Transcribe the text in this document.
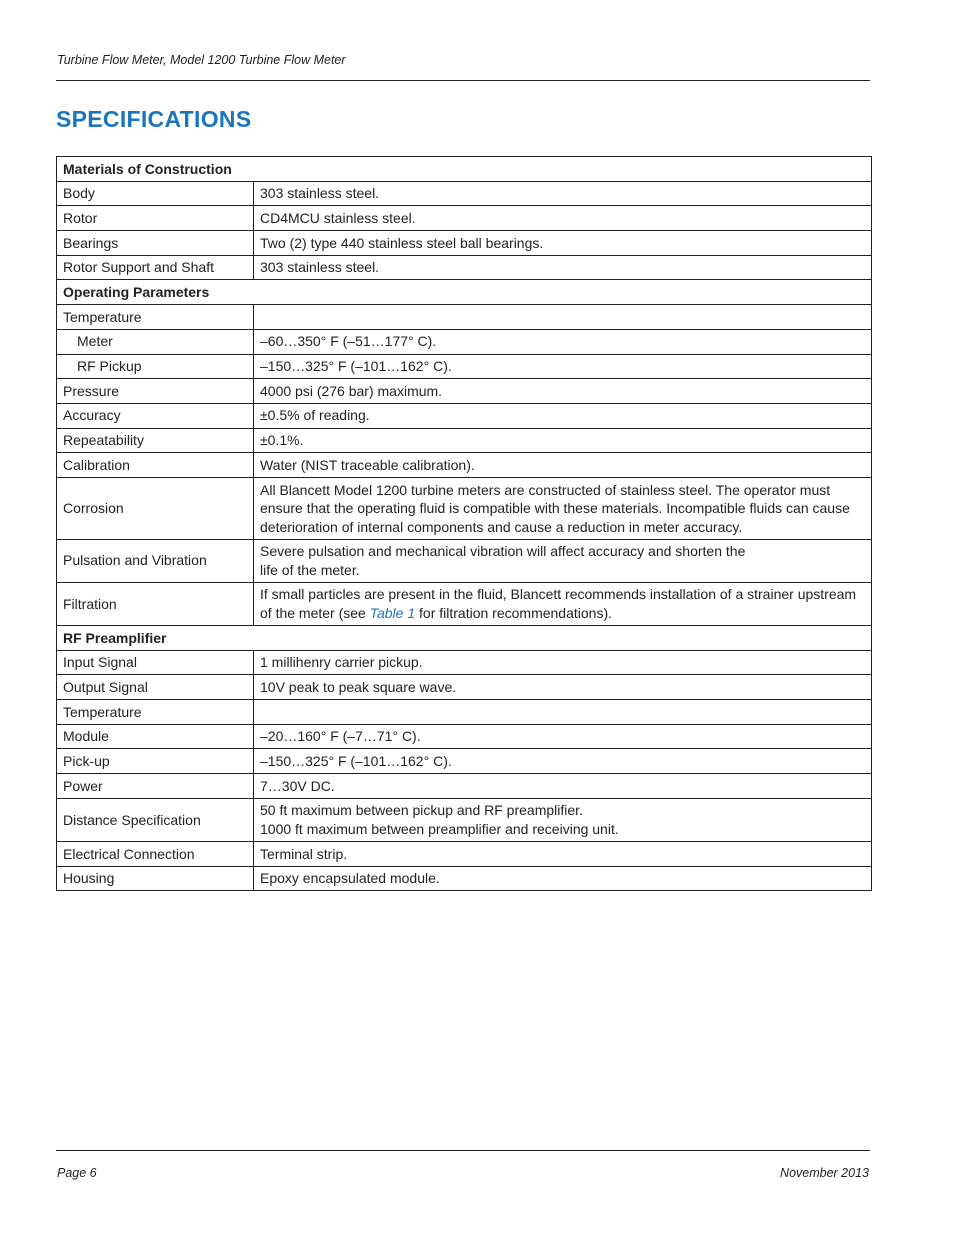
Turbine Flow Meter, Model 1200 Turbine Flow Meter
SPECIFICATIONS
Materials of Construction	
Body	303 stainless steel.
Rotor	CD4MCU stainless steel.
Bearings	Two (2) type 440 stainless steel ball bearings.
Rotor Support and Shaft	303 stainless steel.
Operating Parameters	
Temperature	
Meter	–60…350° F (–51…177° C).
RF Pickup	–150…325° F (–101…162° C).
Pressure	4000 psi (276 bar) maximum.
Accuracy	±0.5% of reading.
Repeatability	±0.1%.
Calibration	Water (NIST traceable calibration).
Corrosion	All Blancett Model 1200 turbine meters are constructed of stainless steel. The operator must ensure that the operating fluid is compatible with these materials. Incompatible fluids can cause deterioration of internal components and cause a reduction in meter accuracy.
Pulsation and Vibration	Severe pulsation and mechanical vibration will affect accuracy and shorten the
life of the meter.
Filtration	If small particles are present in the fluid, Blancett recommends installation of a strainer upstream of the meter (see Table 1 for filtration recommendations).
RF Preamplifier	
Input Signal	1 millihenry carrier pickup.
Output Signal	10V peak to peak square wave.
Temperature	
Module	–20…160° F (–7…71° C).
Pick-up	–150…325° F (–101…162° C).
Power	7…30V DC.
Distance Specification	50 ft maximum between pickup and RF preamplifier.
1000 ft maximum between preamplifier and receiving unit.
Electrical Connection	Terminal strip.
Housing	Epoxy encapsulated module.
Page 6	November 2013
